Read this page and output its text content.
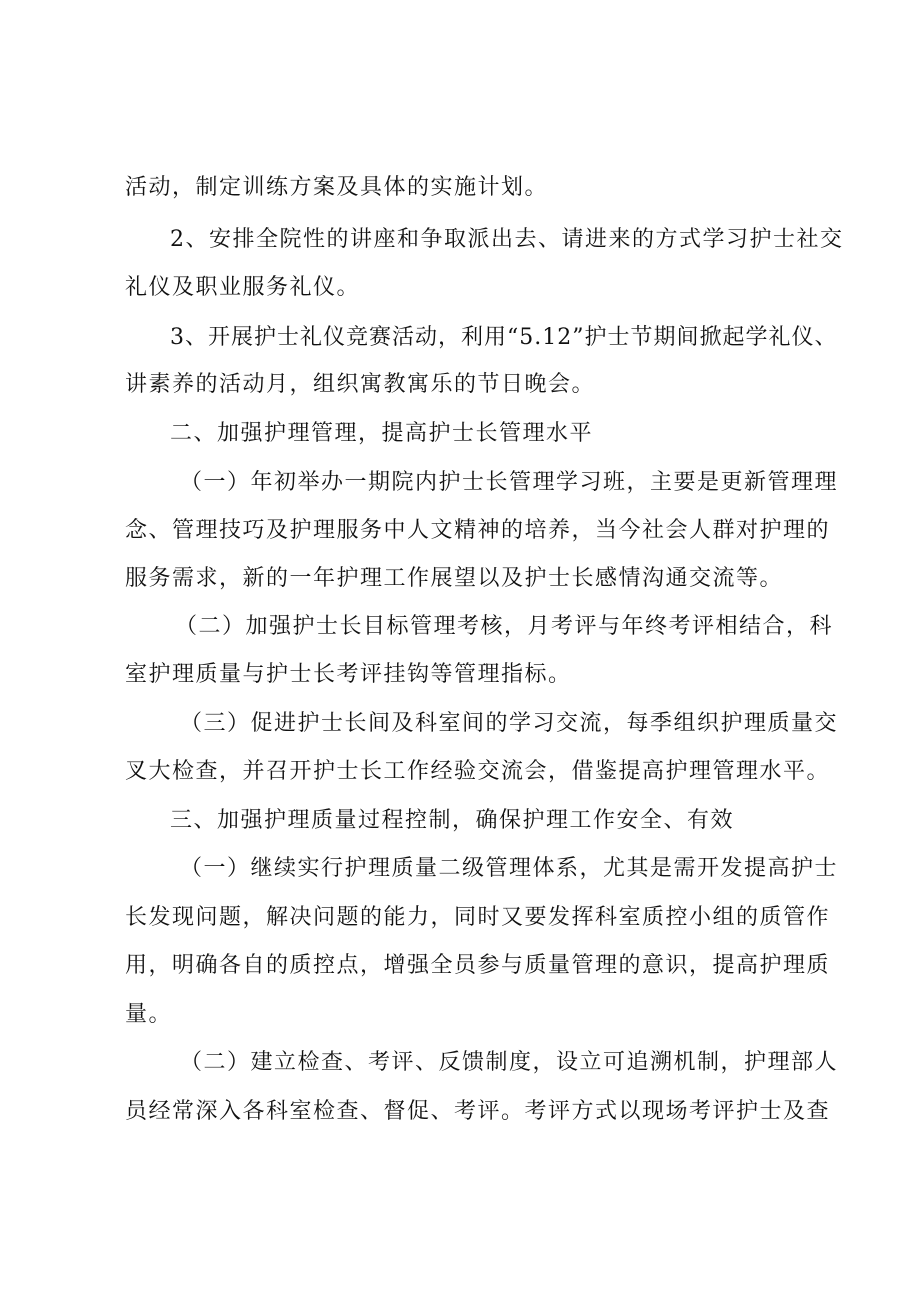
活动，制定训练方案及具体的实施计划。
2、安排全院性的讲座和争取派出去、请进来的方式学习护士社交
礼仪及职业服务礼仪。
3、开展护士礼仪竞赛活动，利用“5.12”护士节期间掀起学礼仪、
讲素养的活动月，组织寓教寓乐的节日晚会。
二、加强护理管理，提高护士长管理水平
（一）年初举办一期院内护士长管理学习班，主要是更新管理理
念、管理技巧及护理服务中人文精神的培养，当今社会人群对护理的
服务需求，新的一年护理工作展望以及护士长感情沟通交流等。
（二）加强护士长目标管理考核，月考评与年终考评相结合，科
室护理质量与护士长考评挂钩等管理指标。
（三）促进护士长间及科室间的学习交流，每季组织护理质量交
叉大检查，并召开护士长工作经验交流会，借鉴提高护理管理水平。
三、加强护理质量过程控制，确保护理工作安全、有效
（一）继续实行护理质量二级管理体系，尤其是需开发提高护士
长发现问题，解决问题的能力，同时又要发挥科室质控小组的质管作
用，明确各自的质控点，增强全员参与质量管理的意识，提高护理质
量。
（二）建立检查、考评、反馈制度，设立可追溯机制，护理部人
员经常深入各科室检查、督促、考评。考评方式以现场考评护士及查
